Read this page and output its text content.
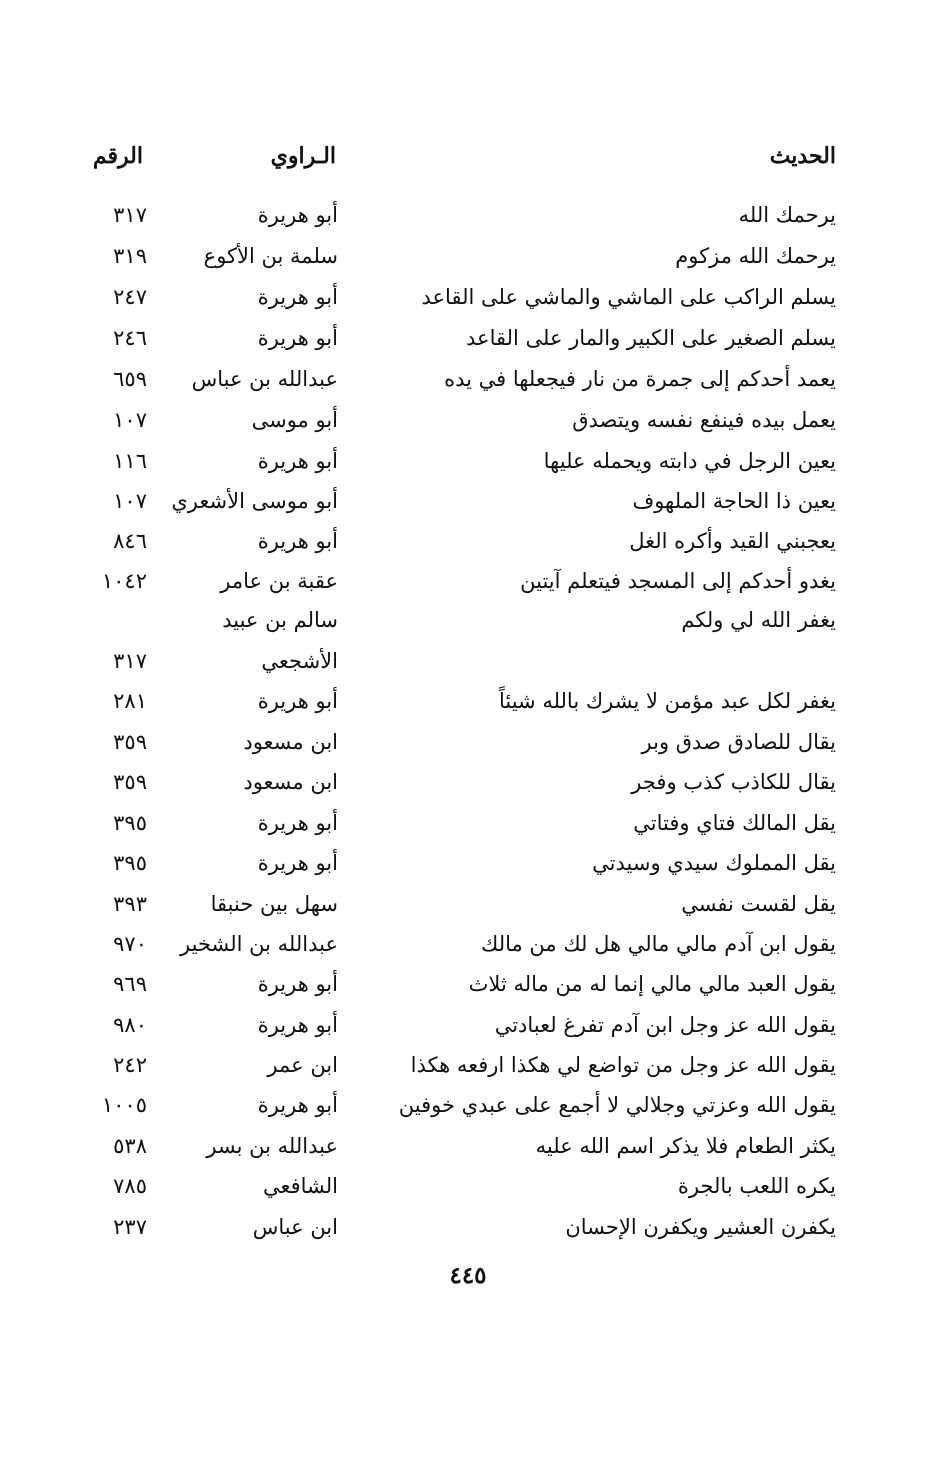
الحديث
الـراوي
الرقم
يرحمك الله
أبو هريرة
٣١٧
يرحمك الله مزكوم
سلمة بن الأكوع
٣١٩
يسلم الراكب على الماشي والماشي على القاعد
أبو هريرة
٢٤٧
يسلم الصغير على الكبير والمار على القاعد
أبو هريرة
٢٤٦
يعمد أحدكم إلى جمرة من نار فيجعلها في يده
عبدالله بن عباس
٦٥٩
يعمل بيده فينفع نفسه ويتصدق
أبو موسى
١٠٧
يعين الرجل في دابته ويحمله عليها
أبو هريرة
١١٦
يعين ذا الحاجة الملهوف
أبو موسى الأشعري
١٠٧
يعجبني القيد وأكره الغل
أبو هريرة
٨٤٦
يغدو أحدكم إلى المسجد فيتعلم آيتين
عقبة بن عامر
١٠٤٢
يغفر الله لي ولكم
سالم بن عبيد
الأشجعي
٣١٧
يغفر لكل عبد مؤمن لا يشرك بالله شيئاً
أبو هريرة
٢٨١
يقال للصادق صدق وبر
ابن مسعود
٣٥٩
يقال للكاذب كذب وفجر
ابن مسعود
٣٥٩
يقل المالك فتاي وفتاتي
أبو هريرة
٣٩٥
يقل المملوك سيدي وسيدتي
أبو هريرة
٣٩٥
يقل لقست نفسي
سهل بين حنبقا
٣٩٣
يقول ابن آدم مالي مالي هل لك من مالك
عبدالله بن الشخير
٩٧٠
يقول العبد مالي مالي إنما له من ماله ثلاث
أبو هريرة
٩٦٩
يقول الله عز وجل ابن آدم تفرغ لعبادتي
أبو هريرة
٩٨٠
يقول الله عز وجل من تواضع لي هكذا ارفعه هكذا
ابن عمر
٢٤٢
يقول الله وعزتي وجلالي لا أجمع على عبدي خوفين
أبو هريرة
١٠٠٥
يكثر الطعام فلا يذكر اسم الله عليه
عبدالله بن بسر
٥٣٨
يكره اللعب بالجرة
الشافعي
٧٨٥
يكفرن العشير ويكفرن الإحسان
ابن عباس
٢٣٧
٤٤٥
